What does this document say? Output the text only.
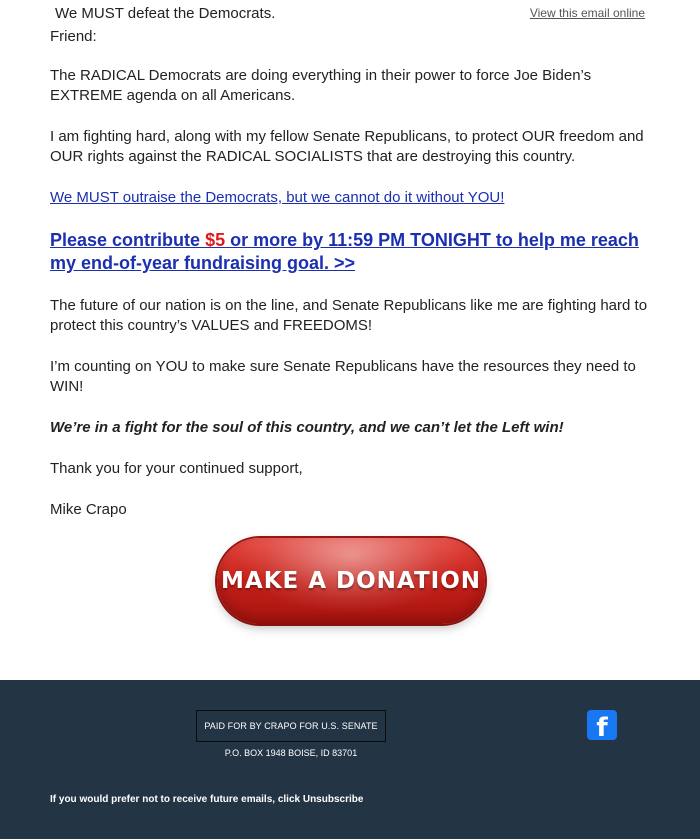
We MUST defeat the Democrats.	View this email online

Friend:

The RADICAL Democrats are doing everything in their power to force Joe Biden’s EXTREME agenda on all Americans.

I am fighting hard, along with my fellow Senate Republicans, to protect OUR freedom and OUR rights against the RADICAL SOCIALISTS that are destroying this country.

We MUST outraise the Democrats, but we cannot do it without YOU!

Please contribute $5 or more by 11:59 PM TONIGHT to help me reach my end-of-year fundraising goal. >>

The future of our nation is on the line, and Senate Republicans like me are fighting hard to protect this country’s VALUES and FREEDOMS!

I’m counting on YOU to make sure Senate Republicans have the resources they need to WIN!

We’re in a fight for the soul of this country, and we can’t let the Left win!

Thank you for your continued support,

Mike Crapo

MAKE A DONATION
PAID FOR BY CRAPO FOR U.S. SENATE
P.O. BOX 1948 BOISE, ID 83701
f
If you would prefer not to receive future emails, click Unsubscribe
